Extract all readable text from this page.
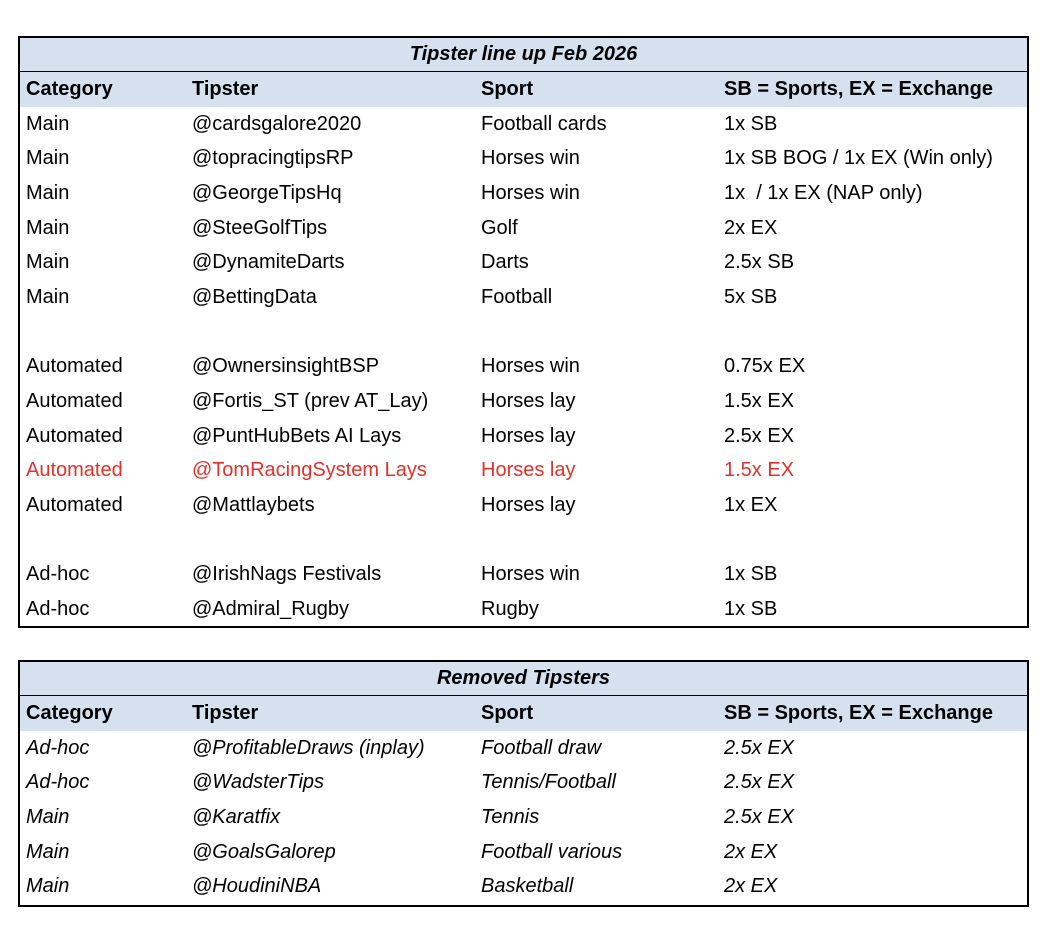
Tipster line up Feb 2026
Category	Tipster	Sport	SB = Sports, EX = Exchange
Main	@cardsgalore2020	Football cards	1x SB
Main	@topracingtipsRP	Horses win	1x SB BOG / 1x EX (Win only)
Main	@GeorgeTipsHq	Horses win	1x  / 1x EX (NAP only)
Main	@SteeGolfTips	Golf	2x EX
Main	@DynamiteDarts	Darts	2.5x SB
Main	@BettingData	Football	5x SB
Automated	@OwnersinsightBSP	Horses win	0.75x EX
Automated	@Fortis_ST (prev AT_Lay)	Horses lay	1.5x EX
Automated	@PuntHubBets AI Lays	Horses lay	2.5x EX
Automated	@TomRacingSystem Lays	Horses lay	1.5x EX
Automated	@Mattlaybets	Horses lay	1x EX
Ad-hoc	@IrishNags Festivals	Horses win	1x SB
Ad-hoc	@Admiral_Rugby	Rugby	1x SB
Removed Tipsters
Category	Tipster	Sport	SB = Sports, EX = Exchange
Ad-hoc	@ProfitableDraws (inplay)	Football draw	2.5x EX
Ad-hoc	@WadsterTips	Tennis/Football	2.5x EX
Main	@Karatfix	Tennis	2.5x EX
Main	@GoalsGalorep	Football various	2x EX
Main	@HoudiniNBA	Basketball	2x EX
